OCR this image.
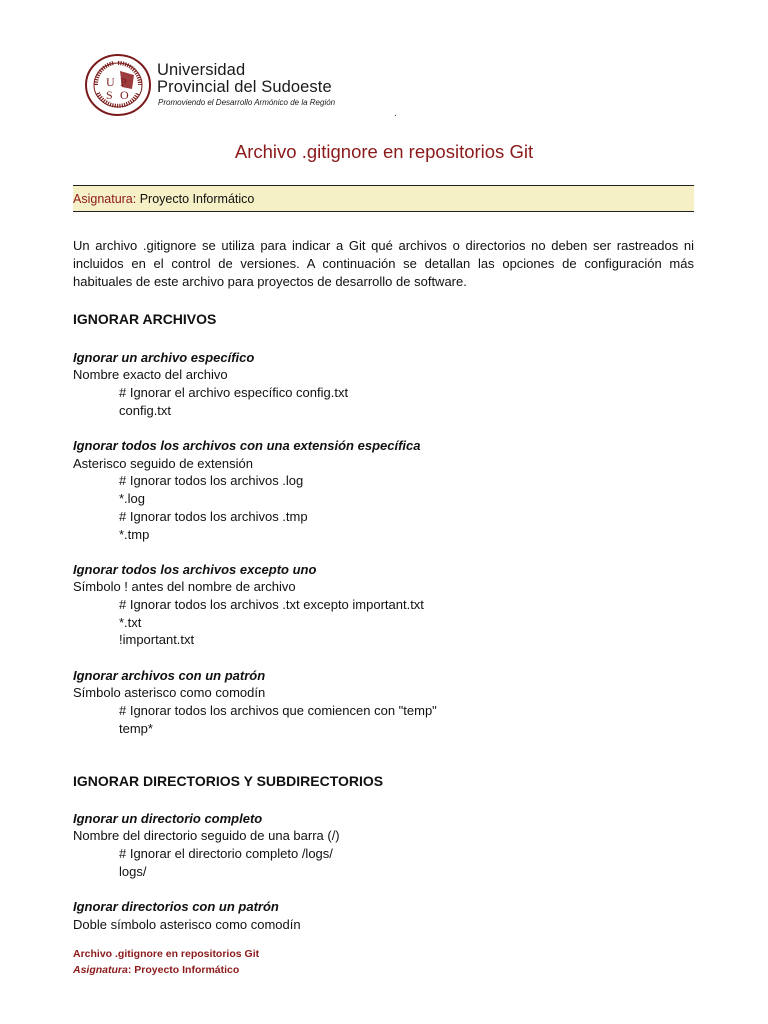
U P
S O
Universidad
Provincial del Sudoeste
Promoviendo el Desarrollo Armónico de la Región
.
Archivo .gitignore en repositorios Git
Asignatura: Proyecto Informático
Un archivo .gitignore se utiliza para indicar a Git qué archivos o directorios no deben ser rastreados ni incluidos en el control de versiones. A continuación se detallan las opciones de configuración más habituales de este archivo para proyectos de desarrollo de software.
IGNORAR ARCHIVOS
Ignorar un archivo específico
Nombre exacto del archivo
# Ignorar el archivo específico config.txt
config.txt
Ignorar todos los archivos con una extensión específica
Asterisco seguido de extensión
# Ignorar todos los archivos .log
*.log
# Ignorar todos los archivos .tmp
*.tmp
Ignorar todos los archivos excepto uno
Símbolo ! antes del nombre de archivo
# Ignorar todos los archivos .txt excepto important.txt
*.txt
!important.txt
Ignorar archivos con un patrón
Símbolo asterisco como comodín
# Ignorar todos los archivos que comiencen con "temp"
temp*
IGNORAR DIRECTORIOS Y SUBDIRECTORIOS
Ignorar un directorio completo
Nombre del directorio seguido de una barra (/)
# Ignorar el directorio completo /logs/
logs/
Ignorar directorios con un patrón
Doble símbolo asterisco como comodín
Archivo .gitignore en repositorios Git
Asignatura: Proyecto Informático
